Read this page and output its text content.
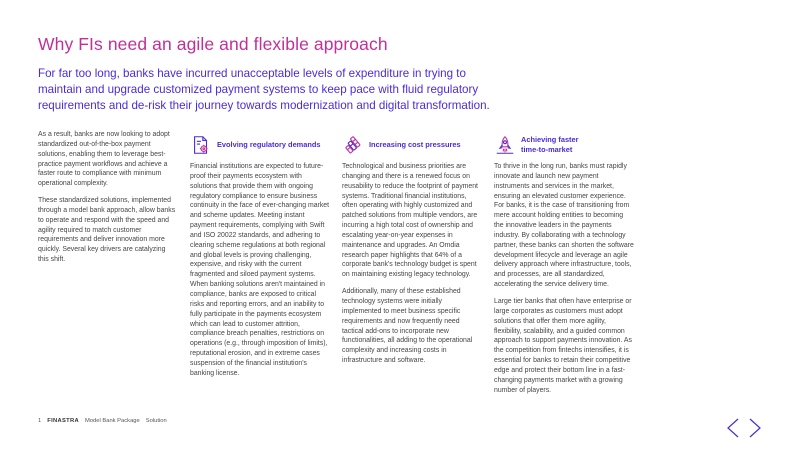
Why FIs need an agile and flexible approach

For far too long, banks have incurred unacceptable levels of expenditure in trying to maintain and upgrade customized payment systems to keep pace with fluid regulatory requirements and de-risk their journey towards modernization and digital transformation.

As a result, banks are now looking to adopt standardized out-of-the-box payment solutions, enabling them to leverage best-practice payment workflows and achieve a faster route to compliance with minimum operational complexity.

These standardized solutions, implemented through a model bank approach, allow banks to operate and respond with the speed and agility required to match customer requirements and deliver innovation more quickly. Several key drivers are catalyzing this shift.

Evolving regulatory demands

Financial institutions are expected to future-proof their payments ecosystem with solutions that provide them with ongoing regulatory compliance to ensure business continuity in the face of ever-changing market and scheme updates. Meeting instant payment requirements, complying with Swift and ISO 20022 standards, and adhering to clearing scheme regulations at both regional and global levels is proving challenging, expensive, and risky with the current fragmented and siloed payment systems. When banking solutions aren't maintained in compliance, banks are exposed to critical risks and reporting errors, and an inability to fully participate in the payments ecosystem which can lead to customer attrition, compliance breach penalties, restrictions on operations (e.g., through imposition of limits), reputational erosion, and in extreme cases suspension of the financial institution's banking license.

Increasing cost pressures

Technological and business priorities are changing and there is a renewed focus on reusability to reduce the footprint of payment systems. Traditional financial institutions, often operating with highly customized and patched solutions from multiple vendors, are incurring a high total cost of ownership and escalating year-on-year expenses in maintenance and upgrades. An Omdia research paper highlights that 64% of a corporate bank's technology budget is spent on maintaining existing legacy technology.

Additionally, many of these established technology systems were initially implemented to meet business specific requirements and now frequently need tactical add-ons to incorporate new functionalities, all adding to the operational complexity and increasing costs in infrastructure and software.

Achieving faster
time-to-market

To thrive in the long run, banks must rapidly innovate and launch new payment instruments and services in the market, ensuring an elevated customer experience. For banks, it is the case of transitioning from mere account holding entities to becoming the innovative leaders in the payments industry. By collaborating with a technology partner, these banks can shorten the software development lifecycle and leverage an agile delivery approach where infrastructure, tools, and processes, are all standardized, accelerating the service delivery time.

Large tier banks that often have enterprise or large corporates as customers must adopt solutions that offer them more agility, flexibility, scalability, and a guided common approach to support payments innovation. As the competition from fintechs intensifies, it is essential for banks to retain their competitive edge and protect their bottom line in a fast-changing payments market with a growing number of players.

1 FINASTRA Model Bank Package Solution
